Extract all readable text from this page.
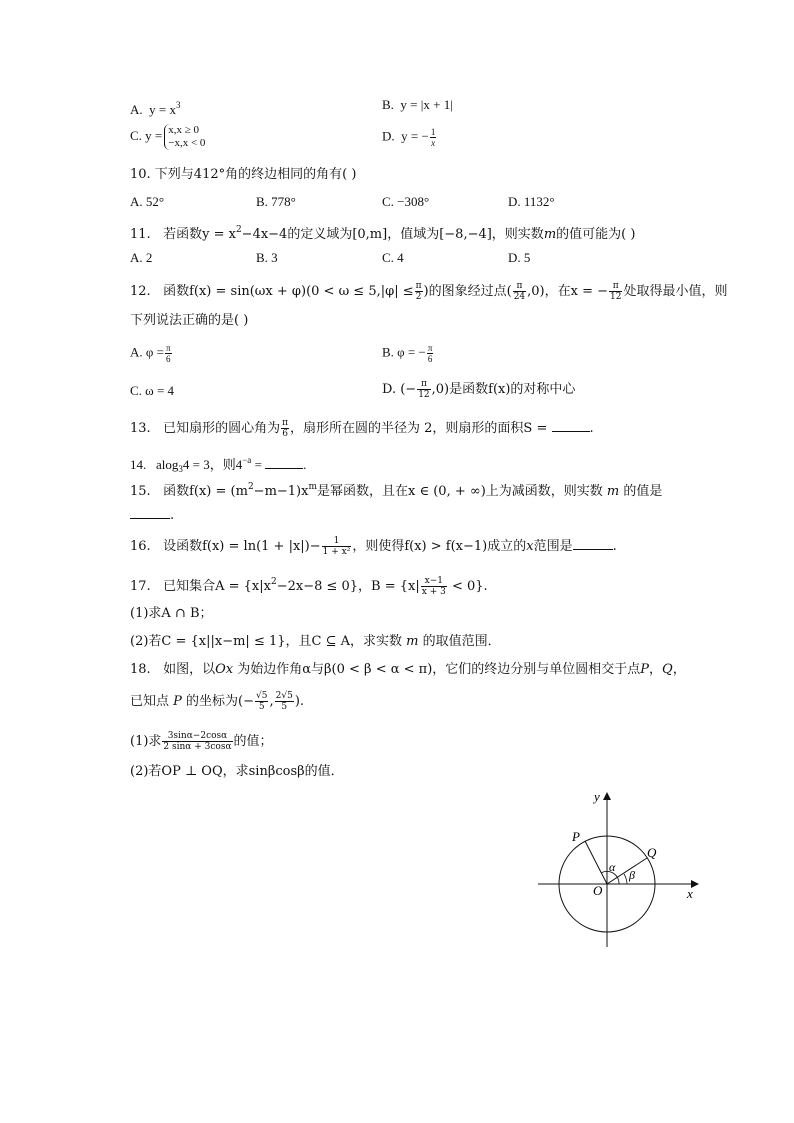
A. $y = x^3$	B. y = |x + 1|
C. y = x,x ≥ 0
−x,x < 0	D. y = − $\frac{1}{x}$
10. 下列与412°角的终边相同的角有( )
A. 52°	B. 778°	C. −308°	D. 1132°
11. 若函数$y = x^2-4x-4$的定义域为[0,m]，值域为[−8,−4]，则实数m的值可能为( )
A. 2	B. 3	C. 4	D. 5
12. 函数$f(x) = \sin(\omega x + \varphi)(0 < \omega \le 5,|\varphi| \le \frac{\pi}{2}$ )的图象经过点( $\frac{\pi}{24} ,0$)，在x = − $\frac{\pi}{12}$ 处取得最小值，则
下列说法正确的是( )
A. $\varphi = \frac{\pi}{6}$	B. φ = − $\frac{\pi}{6}$
C. ω = 4	D. (− $\frac{\pi}{12} ,0$)是函数f(x)的对称中心
13. 已知扇形的圆心角为 $\frac{\pi}{6}$ ，扇形所在圆的半径为 2，则扇形的面积S =	.
14. alog$_3$4 = 3，则$4^{-a}$ =	.
15. 函数$f(x) = (m^2-m-1)x^m$是幂函数，且在x ∈ (0, + ∞)上为减函数，则实数 m 的值是
.
16. 设函数$f(x) = \ln(1 + |x|)- \frac{1}{\text{1 + x²}}$ ，则使得f(x) > f(x−1)成立的x范围是	.
17. 已知集合$A = \{x|x^2-2x-8 \le 0\}$，$B = \{x| \frac{x-1}{x + 3} < 0\}$.
(1)求A ∩ B；
(2)若C = {x||x−m| ≤ 1}，且C ⊆ A，求实数 m 的取值范围．
18. 如图，以Ox 为始边作角α与β(0 < β < α < π)，它们的终边分别与单位圆相交于点P，Q，
已知点 P 的坐标为(− $\frac{√5}{5}$ , $\frac{2√5}{5}$ ).
(1)求 $\frac{3\sin\alpha-2\cos\alpha}{2 \sin\alpha + 3\cos\alpha}$ 的值；
(2)若OP ⊥ OQ，求sinβcosβ的值．
y
x
O
P
Q
α
β
